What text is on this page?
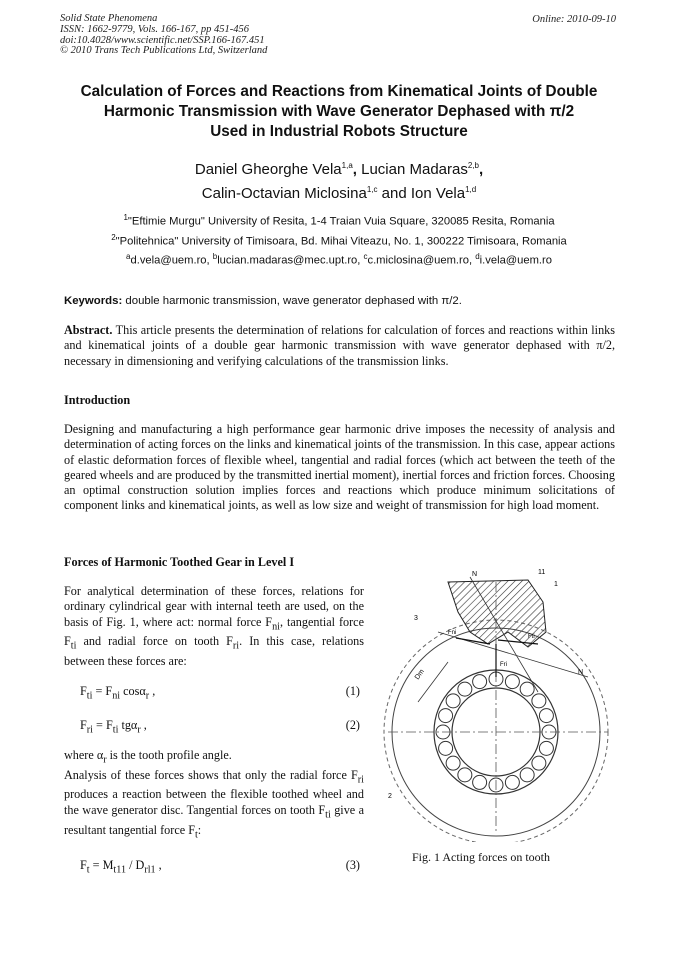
Solid State Phenomena
ISSN: 1662-9779, Vols. 166-167, pp 451-456
doi:10.4028/www.scientific.net/SSP.166-167.451
© 2010 Trans Tech Publications Ltd, Switzerland
Online: 2010-09-10
Calculation of Forces and Reactions from Kinematical Joints of Double
Harmonic Transmission with Wave Generator Dephased with π/2
Used in Industrial Robots Structure
Daniel Gheorghe Vela$^{1,a}$, Lucian Madaras$^{2,b}$,
Calin-Octavian Miclosina$^{1,c}$ and Ion Vela$^{1,d}$
$^1$"Eftimie Murgu" University of Resita, 1-4 Traian Vuia Square, 320085 Resita, Romania
$^2$"Politehnica" University of Timisoara, Bd. Mihai Viteazu, No. 1, 300222 Timisoara, Romania
$^a$d.vela@uem.ro, $^b$lucian.madaras@mec.upt.ro, $^c$c.miclosina@uem.ro, $^d$i.vela@uem.ro
Keywords: double harmonic transmission, wave generator dephased with π/2.
Abstract. This article presents the determination of relations for calculation of forces and reactions within links and kinematical joints of a double gear harmonic transmission with wave generator dephased with π/2, necessary in dimensioning and verifying calculations of the transmission links.
Introduction
Designing and manufacturing a high performance gear harmonic drive imposes the necessity of analysis and determination of acting forces on the links and kinematical joints of the transmission. In this case, appear actions of elastic deformation forces of flexible wheel, tangential and radial forces (which act between the teeth of the geared wheels and are produced by the transmitted inertial moment), inertial forces and friction forces. Choosing an optimal construction solution implies forces and reactions which produce minimum solicitations of component links and kinematical joints, as well as low size and weight of transmission for high load moment.
Forces of Harmonic Toothed Gear in Level I
For analytical determination of these forces, relations for ordinary cylindrical gear with internal teeth are used, on the basis of Fig. 1, where act: normal force $F_{ni}$, tangential force $F_{ti}$ and radial force on tooth $F_{ri}$. In this case, relations between these forces are:
$F_{ti} = F_{ni}$ cosα$_r$ ,	(1)
$F_{ri} = F_{ti}$ tgα$_r$ ,	(2)
where $\alpha_r$ is the tooth profile angle.
Analysis of these forces shows that only the radial force $F_{ri}$ produces a reaction between the flexible toothed wheel and the wave generator disc. Tangential forces on tooth $F_{ti}$ give a resultant tangential force $F_t$:
$F_t = M_{t11} / D_{rl1}$ ,	(3)
N	11
1
3
N
Dm
2
Fni
Fti
Fri
Fig. 1 Acting forces on tooth
